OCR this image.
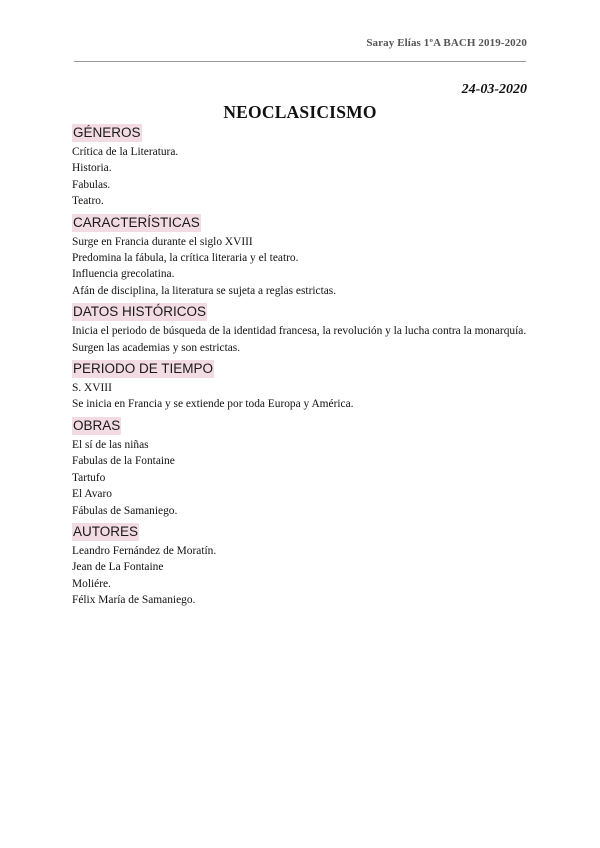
Saray Elías 1ºA BACH 2019-2020
24-03-2020
NEOCLASICISMO
GÉNEROS
Crítica de la Literatura.
Historia.
Fabulas.
Teatro.
CARACTERÍSTICAS
Surge en Francia durante el siglo XVIII
Predomina la fábula, la crítica literaria y el teatro.
Influencia grecolatina.
Afán de disciplina, la literatura se sujeta a reglas estrictas.
DATOS HISTÓRICOS
Inicia el periodo de búsqueda de la identidad francesa, la revolución y la lucha contra la monarquía.
Surgen las academias y son estrictas.
PERIODO DE TIEMPO
S. XVIII
Se inicia en Francia y se extiende por toda Europa y América.
OBRAS
El sí de las niñas
Fabulas de la Fontaine
Tartufo
El Avaro
Fábulas de Samaniego.
AUTORES
Leandro Fernández de Moratín.
Jean de La Fontaine
Moliére.
Félix María de Samaniego.
